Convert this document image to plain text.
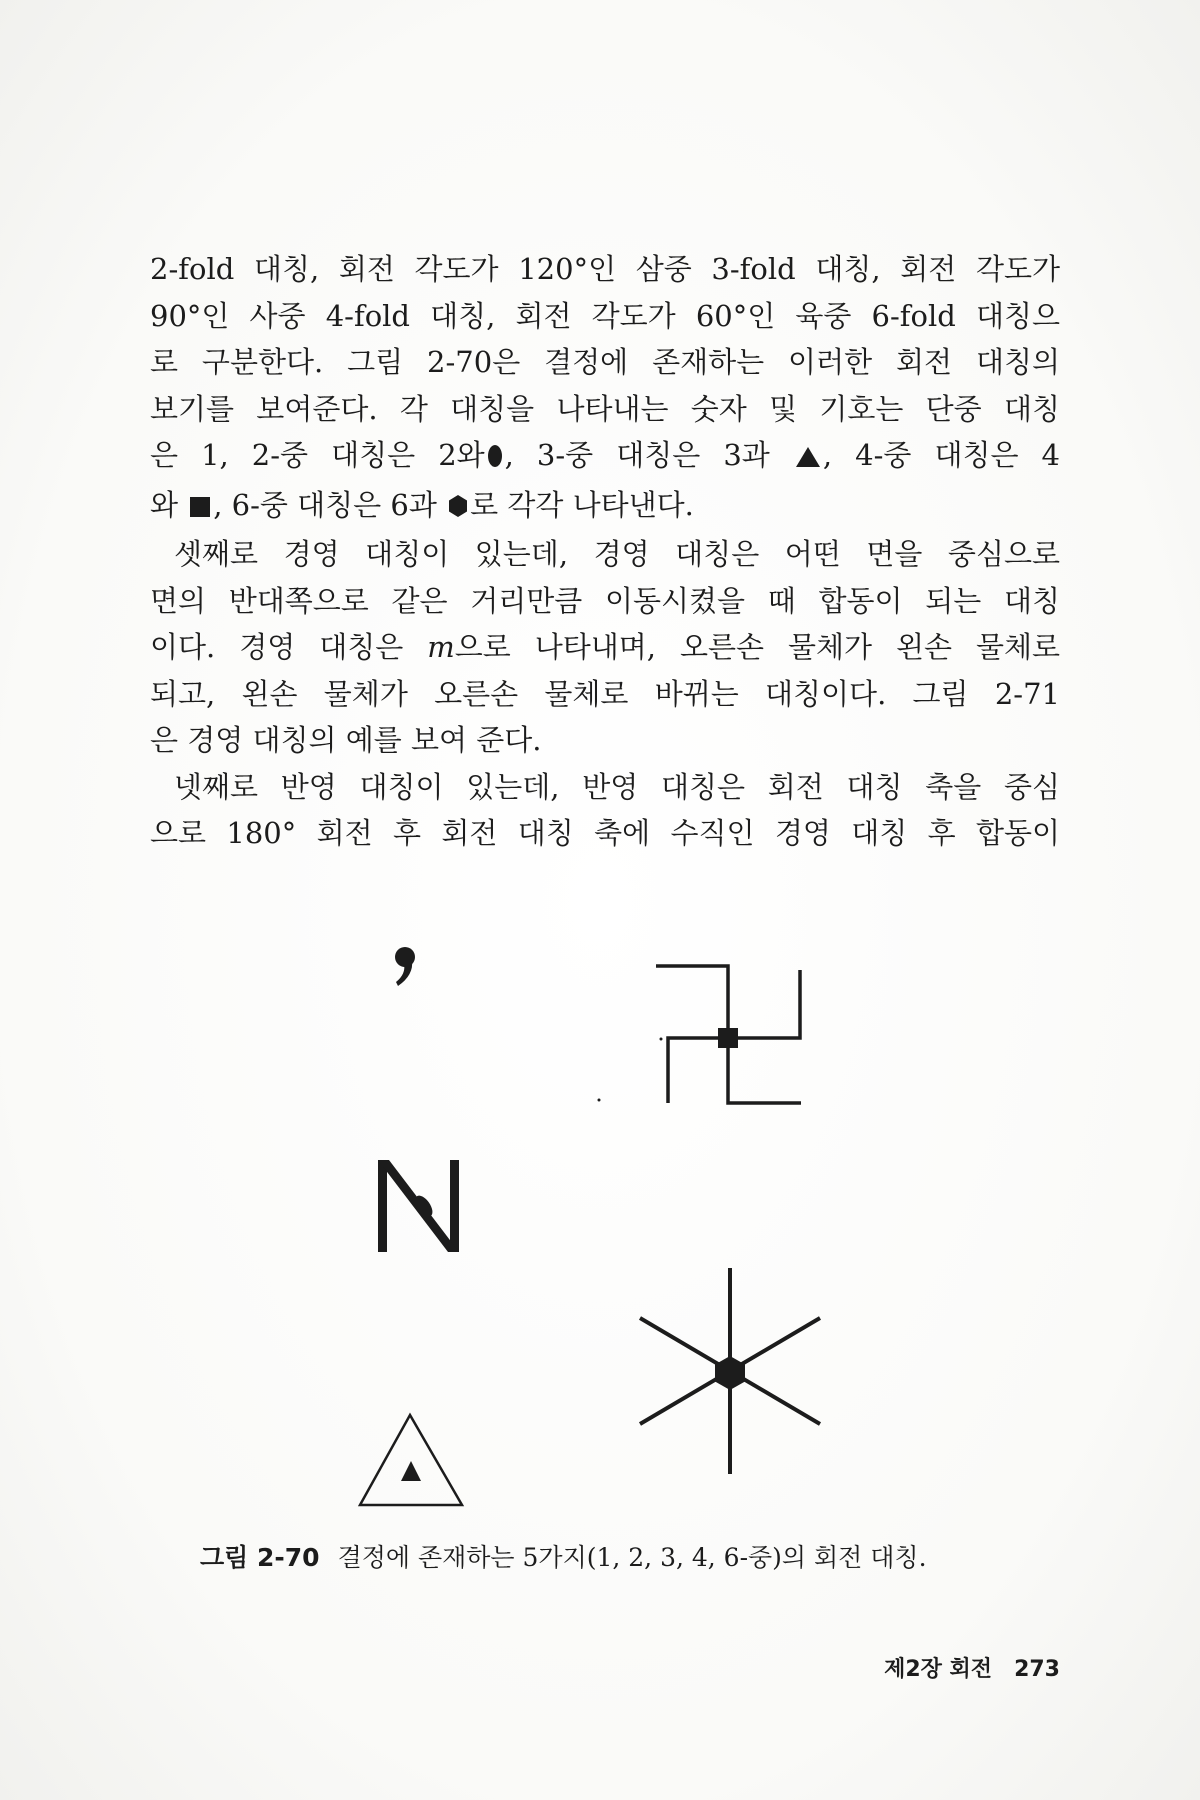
2-fold 대칭, 회전 각도가 120°인 삼중 3-fold 대칭, 회전 각도가
90°인 사중 4-fold 대칭, 회전 각도가 60°인 육중 6-fold 대칭으
로 구분한다. 그림 2-70은 결정에 존재하는 이러한 회전 대칭의
보기를 보여준다. 각 대칭을 나타내는 숫자 및 기호는 단중 대칭
은 1, 2-중 대칭은 2와 , 3-중 대칭은 3과 , 4-중 대칭은 4
와 , 6-중 대칭은 6과 로 각각 나타낸다.
셋째로 경영 대칭이 있는데, 경영 대칭은 어떤 면을 중심으로
면의 반대쪽으로 같은 거리만큼 이동시켰을 때 합동이 되는 대칭
이다. 경영 대칭은 m으로 나타내며, 오른손 물체가 왼손 물체로
되고, 왼손 물체가 오른손 물체로 바뀌는 대칭이다. 그림 2-71
은 경영 대칭의 예를 보여 준다.
넷째로 반영 대칭이 있는데, 반영 대칭은 회전 대칭 축을 중심
으로 180° 회전 후 회전 대칭 축에 수직인 경영 대칭 후 합동이
그림 2-70 결정에 존재하는 5가지(1, 2, 3, 4, 6-중)의 회전 대칭.
제2장 회전 273
